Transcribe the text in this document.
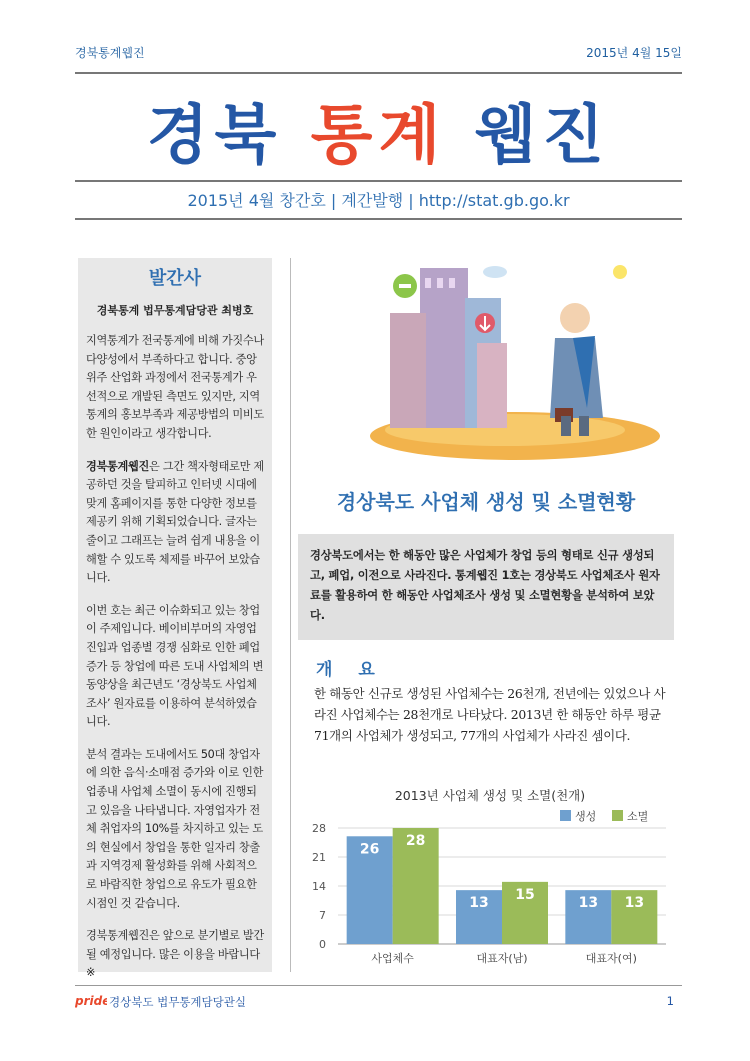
경북통계웹진	2015년 4월 15일
경북 통계 웹진
2015년 4월 창간호 | 계간발행 | http://stat.gb.go.kr
발간사
경북통계 법무통계담당관 최병호

지역통계가 전국통계에 비해 가짓수나 다양성에서 부족하다고 합니다. 중앙위주 산업화 과정에서 전국통계가 우선적으로 개발된 측면도 있지만, 지역통계의 홍보부족과 제공방법의 미비도 한 원인이라고 생각합니다.

경북통계웹진은 그간 책자형태로만 제공하던 것을 탈피하고 인터넷 시대에 맞게 홈페이지를 통한 다양한 정보를 제공키 위해 기획되었습니다. 글자는 줄이고 그래프는 늘려 쉽게 내용을 이해할 수 있도록 체제를 바꾸어 보았습니다.

이번 호는 최근 이슈화되고 있는 창업이 주제입니다. 베이비부머의 자영업 진입과 업종별 경쟁 심화로 인한 폐업증가 등 창업에 따른 도내 사업체의 변동양상을 최근년도 ‘경상북도 사업체조사’ 원자료를 이용하여 분석하였습니다.

분석 결과는 도내에서도 50대 창업자에 의한 음식·소매점 증가와 이로 인한 업종내 사업체 소멸이 동시에 진행되고 있음을 나타냅니다. 자영업자가 전체 취업자의 10%를 차지하고 있는 도의 현실에서 창업을 통한 일자리 창출과 지역경제 활성화를 위해 사회적으로 바람직한 창업으로 유도가 필요한 시점인 것 같습니다.

경북통계웹진은 앞으로 분기별로 발간될 예정입니다. 많은 이용을 바랍니다※

경상북도 사업체 생성 및 소멸현황

경상북도에서는 한 해동안 많은 사업체가 창업 등의 형태로 신규 생성되고, 폐업, 이전으로 사라진다. 통계웹진 1호는 경상북도 사업체조사 원자료를 활용하여 한 해동안 사업체조사 생성 및 소멸현황을 분석하여 보았다.

개 요
한 해동안 신규로 생성된 사업체수는 26천개, 전년에는 있었으나 사라진 사업체수는 28천개로 나타났다. 2013년 한 해동안 하루 평균 71개의 사업체가 생성되고, 77개의 사업체가 사라진 셈이다.
2013년 사업체 생성 및 소멸(천개)
0
7
14
21
28
26
28
사업체수
13
15
대표자(남)
13 13
대표자(여)
생성	소멸
pride
경상북도 법무통계담당관실	1
